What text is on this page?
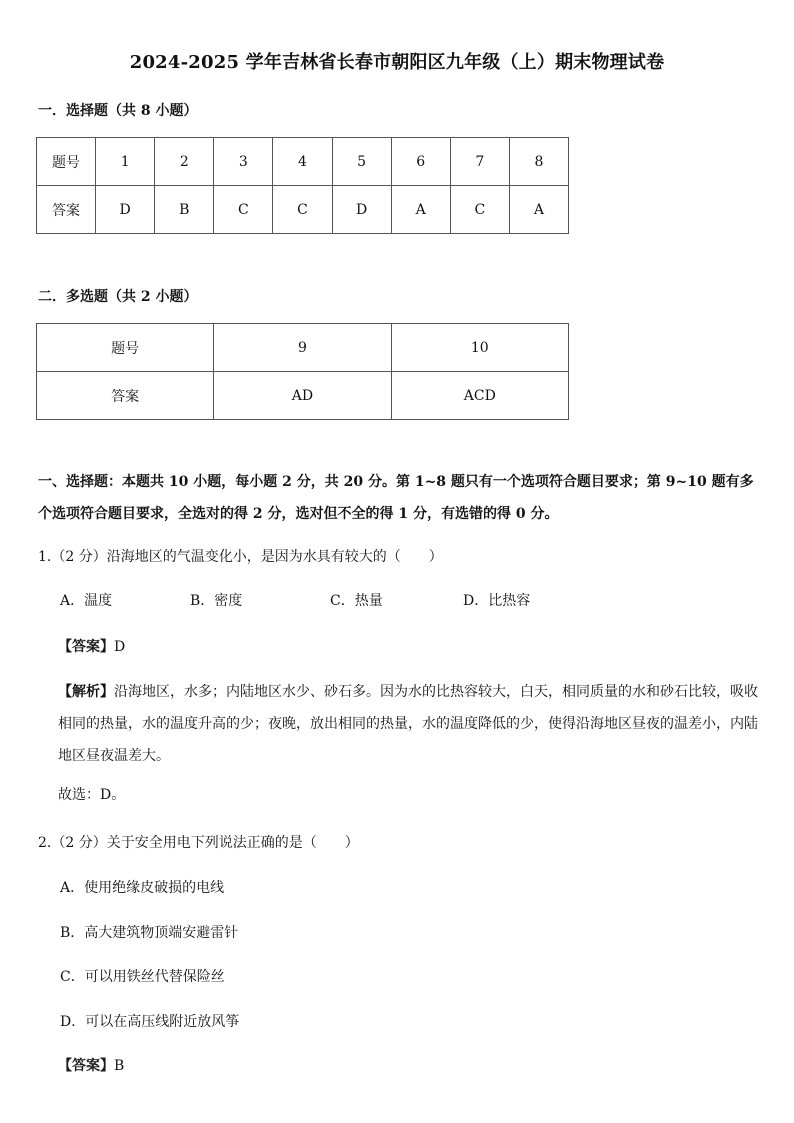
2024-2025 学年吉林省长春市朝阳区九年级（上）期末物理试卷
一．选择题（共 8 小题）
题号	1	2	3	4	5	6	7	8
答案	D	B	C	C	D	A	C	A
二．多选题（共 2 小题）
题号	9	10
答案	AD	ACD
一、选择题：本题共 10 小题，每小题 2 分，共 20 分。第 1~8 题只有一个选项符合题目要求；第 9~10 题有多个选项符合题目要求，全选对的得 2 分，选对但不全的得 1 分，有选错的得 0 分。
1.（2 分）沿海地区的气温变化小，是因为水具有较大的（　　）
A．温度	B．密度	C．热量	D．比热容
【答案】D
【解析】沿海地区，水多；内陆地区水少、砂石多。因为水的比热容较大，白天，相同质量的水和砂石比较，吸收相同的热量，水的温度升高的少；夜晚，放出相同的热量，水的温度降低的少，使得沿海地区昼夜的温差小，内陆地区昼夜温差大。
故选：D。
2.（2 分）关于安全用电下列说法正确的是（　　）
A．使用绝缘皮破损的电线
B．高大建筑物顶端安避雷针
C．可以用铁丝代替保险丝
D．可以在高压线附近放风筝
【答案】B
